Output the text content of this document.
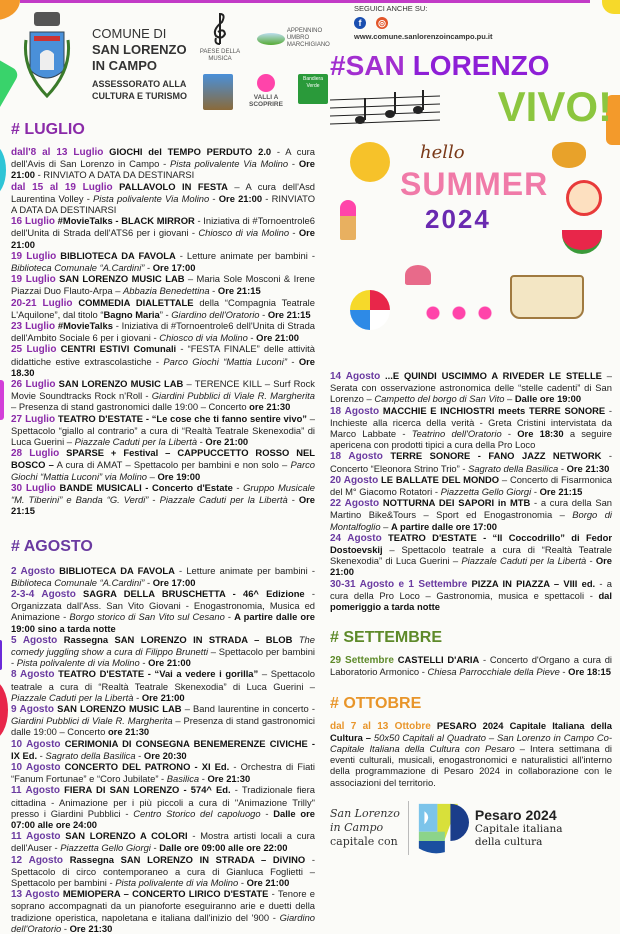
COMUNE DI
SAN LORENZO
IN CAMPO
ASSESSORATO ALLA
CULTURA E TURISMO
PAESE DELLA MUSICA
APPENNINO UMBRO MARCHIGIANO
VALLI A SCOPRIRE
Bandiera Verde
SEGUICI ANCHE SU:
f ◎
www.comune.sanlorenzoincampo.pu.it
# LUGLIO

dall'8 al 13 Luglio GIOCHI del TEMPO PERDUTO 2.0 - A cura dell'Avis di San Lorenzo in Campo - Pista polivalente Via Molino - Ore 21:00 - RINVIATO A DATA DA DESTINARSI

dal 15 al 19 Luglio PALLAVOLO IN FESTA – A cura dell'Asd Laurentina Volley - Pista polivalente Via Molino - Ore 21:00 - RINVIATO A DATA DA DESTINARSI

16 Luglio #MovieTalks - BLACK MIRROR - Iniziativa di #Tornoentrole6 dell'Unita di Strada dell'ATS6 per i giovani - Chiosco di via Molino - Ore 21:00

19 Luglio BIBLIOTECA DA FAVOLA - Letture animate per bambini - Biblioteca Comunale “A.Cardini” - Ore 17:00

19 Luglio SAN LORENZO MUSIC LAB – Maria Sole Mosconi & Irene Piazzai Duo Flauto-Arpa – Abbazia Benedettina - Ore 21:15

20-21 Luglio COMMEDIA DIALETTALE della “Compagnia Teatrale L'Aquilone”, dal titolo “Bagno Maria” - Giardino dell'Oratorio - Ore 21:15

23 Luglio #MovieTalks - Iniziativa di #Tornoentrole6 dell'Unita di Strada dell'Ambito Sociale 6 per i giovani - Chiosco di via Molino - Ore 21:00

25 Luglio CENTRI ESTIVI Comunali - “FESTA FINALE” delle attività didattiche estive extrascolastiche - Parco Giochi “Mattia Luconi” - Ore 18.30

26 Luglio SAN LORENZO MUSIC LAB – TERENCE KILL – Surf Rock Movie Soundtracks Rock n'Roll - Giardini Pubblici di Viale R. Margherita – Presenza di stand gastronomici dalle 19:00 – Concerto ore 21:30

27 Luglio TEATRO D'ESTATE - “Le cose che ti fanno sentire vivo” – Spettacolo “giallo al contrario” a cura di “Realtà Teatrale Skenexodia” di Luca Guerini – Piazzale Caduti per la Libertà - Ore 21:00

28 Luglio SPARSE + Festival – CAPPUCCETTO ROSSO NEL BOSCO – A cura di AMAT – Spettacolo per bambini e non solo – Parco Giochi “Mattia Luconi” via Molino – Ore 19:00

30 Luglio BANDE MUSICALI - Concerto d'Estate - Gruppo Musicale “M. Tiberini” e Banda “G. Verdi” - Piazzale Caduti per la Libertà - Ore 21:15

# AGOSTO

2 Agosto BIBLIOTECA DA FAVOLA - Letture animate per bambini - Biblioteca Comunale “A.Cardini” - Ore 17:00

2-3-4 Agosto SAGRA DELLA BRUSCHETTA - 46^ Edizione - Organizzata dall'Ass. San Vito Giovani - Enogastronomia, Musica ed Animazione - Borgo storico di San Vito sul Cesano - A partire dalle ore 19:00 sino a tarda notte

5 Agosto Rassegna SAN LORENZO IN STRADA – BLOB The comedy juggling show a cura di Filippo Brunetti – Spettacolo per bambini - Pista polivalente di via Molino - Ore 21:00

8 Agosto TEATRO D'ESTATE - “Vai a vedere i gorilla” – Spettacolo teatrale a cura di “Realtà Teatrale Skenexodia” di Luca Guerini – Piazzale Caduti per la Libertà - Ore 21:00

9 Agosto SAN LORENZO MUSIC LAB – Band laurentine in concerto - Giardini Pubblici di Viale R. Margherita – Presenza di stand gastronomici dalle 19:00 – Concerto ore 21:30

10 Agosto CERIMONIA DI CONSEGNA BENEMERENZE CIVICHE - IX Ed. - Sagrato della Basilica - Ore 20:30

10 Agosto CONCERTO DEL PATRONO - XI Ed. - Orchestra di Fiati “Fanum Fortunae” e “Coro Jubilate” - Basilica - Ore 21:30

11 Agosto FIERA DI SAN LORENZO - 574^ Ed. - Tradizionale fiera cittadina - Animazione per i più piccoli a cura di "Animazione Trilly" presso i Giardini Pubblici - Centro Storico del capoluogo - Dalle ore 07:00 alle ore 24:00

11 Agosto SAN LORENZO A COLORI - Mostra artisti locali a cura dell'Auser - Piazzetta Gello Giorgi - Dalle ore 09:00 alle ore 22:00

12 Agosto Rassegna SAN LORENZO IN STRADA – DiVINO - Spettacolo di circo contemporaneo a cura di Gianluca Foglietti – Spettacolo per bambini - Pista polivalente di via Molino - Ore 21:00

13 Agosto MEMIOPERA – CONCERTO LIRICO D'ESTATE - Tenore e soprano accompagnati da un pianoforte eseguiranno arie e duetti della tradizione operistica, napoletana e italiana dall'inizio del '900 - Giardino dell'Oratorio - Ore 21:30

#SAN LORENZO
VIVO!
hello
SUMMER
2024

14 Agosto ...E QUINDI USCIMMO A RIVEDER LE STELLE – Serata con osservazione astronomica delle “stelle cadenti” di San Lorenzo – Campetto del borgo di San Vito – Dalle ore 19:00

18 Agosto MACCHIE E INCHIOSTRI meets TERRE SONORE - Inchieste alla ricerca della verità - Greta Cristini intervistata da Marco Labbate - Teatrino dell'Oratorio - Ore 18:30 a seguire apericena con prodotti tipici a cura della Pro Loco

18 Agosto TERRE SONORE - FANO JAZZ NETWORK - Concerto “Eleonora Strino Trio” - Sagrato della Basilica - Ore 21:30

20 Agosto LE BALLATE DEL MONDO – Concerto di Fisarmonica del M° Giacomo Rotatori - Piazzetta Gello Giorgi - Ore 21:15

22 Agosto NOTTURNA DEI SAPORI in MTB - a cura della San Martino Bike&Tours – Sport ed Enogastronomia – Borgo di Montalfoglio – A partire dalle ore 17:00

24 Agosto TEATRO D'ESTATE - “Il Coccodrillo” di Fedor Dostoevskij – Spettacolo teatrale a cura di “Realtà Teatrale Skenexodia” di Luca Guerini – Piazzale Caduti per la Libertà - Ore 21:00

30-31 Agosto e 1 Settembre PIZZA IN PIAZZA – VIII ed. - a cura della Pro Loco – Gastronomia, musica e spettacoli - dal pomeriggio a tarda notte

# SETTEMBRE

29 Settembre CASTELLI D'ARIA - Concerto d'Organo a cura di Laboratorio Armonico - Chiesa Parrocchiale della Pieve - Ore 18:15

# OTTOBRE

dal 7 al 13 Ottobre PESARO 2024 Capitale Italiana della Cultura – 50x50 Capitali al Quadrato – San Lorenzo in Campo Co-Capitale Italiana della Cultura con Pesaro – Intera settimana di eventi culturali, musicali, enogastronomici e naturalistici all'interno della programmazione di Pesaro 2024 in collaborazione con le associazioni del territorio.

San Lorenzo
in Campo
capitale con
Pesaro 2024
Capitale italiana
della cultura
